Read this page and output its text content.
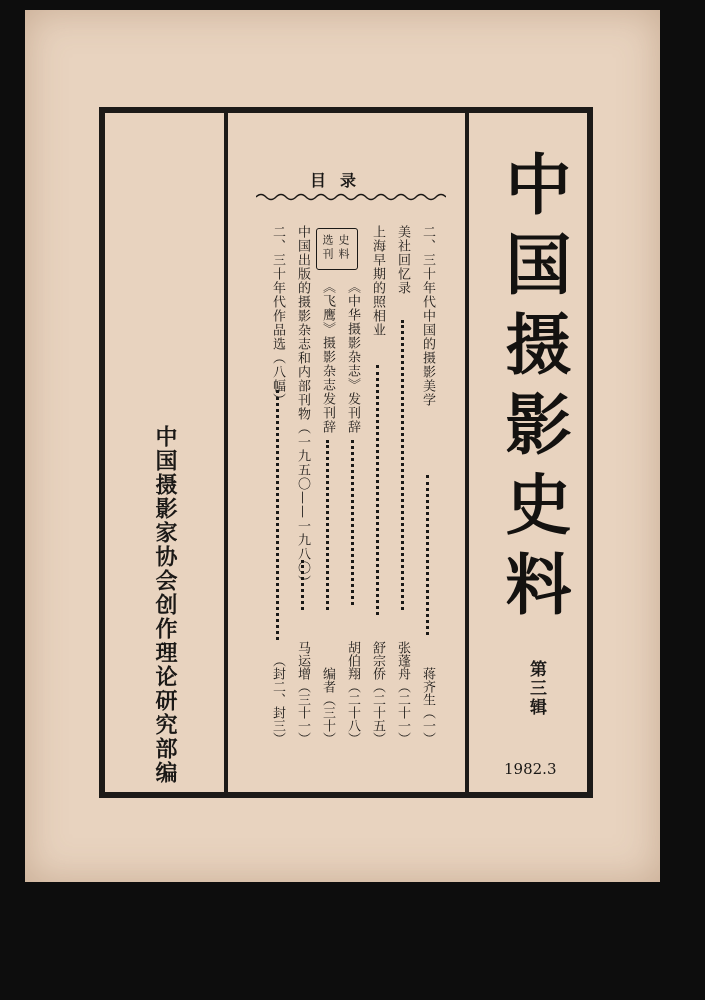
中国摄影家协会创作理论研究部编
目录
二、三十年代中国的摄影美学
蒋齐生（一）
美社回忆录
张蓬舟（二十一）
上海早期的照相业
舒宗侨（二十五）
《中华摄影杂志》发刊辞
胡伯翔（二十八）
《飞鹰》摄影杂志发刊辞
编者（三十）
中国出版的摄影杂志和内部刊物（一九五〇——一九八〇）
马运增（三十一）
二、三十年代作品选（八幅）
（封二、封三）
史料
选刊 中国摄影史料
第三辑
1982.3
